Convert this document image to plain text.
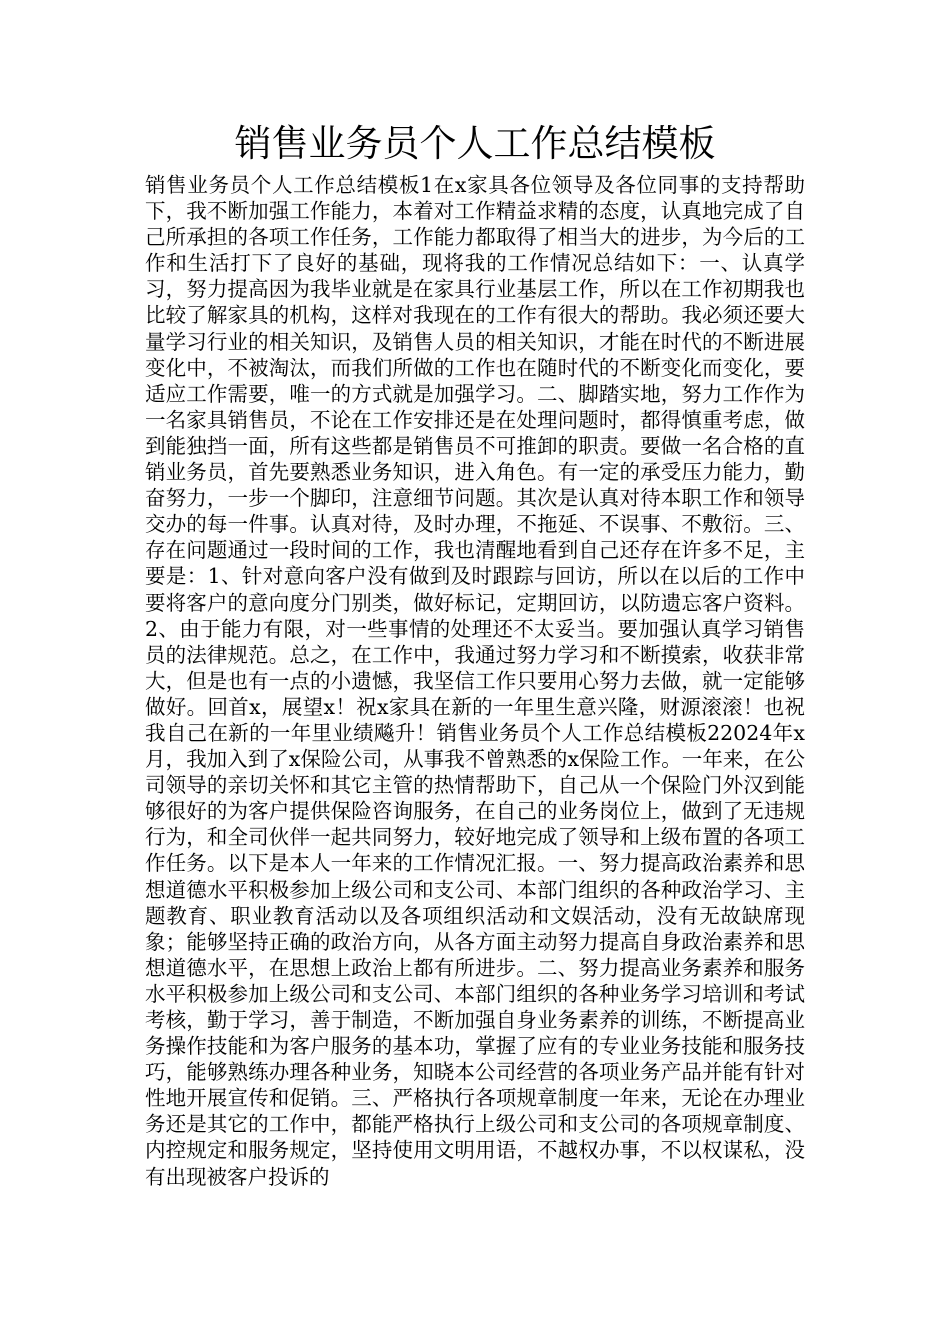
销售业务员个人工作总结模板

销售业务员个人工作总结模板1在x家具各位领导及各位同事的支持帮助下，我不断加强工作能力，本着对工作精益求精的态度，认真地完成了自己所承担的各项工作任务，工作能力都取得了相当大的进步，为今后的工作和生活打下了良好的基础，现将我的工作情况总结如下：一、认真学习，努力提高因为我毕业就是在家具行业基层工作，所以在工作初期我也比较了解家具的机构，这样对我现在的工作有很大的帮助。我必须还要大量学习行业的相关知识，及销售人员的相关知识，才能在时代的不断进展变化中，不被淘汰，而我们所做的工作也在随时代的不断变化而变化，要适应工作需要，唯一的方式就是加强学习。二、脚踏实地，努力工作作为一名家具销售员，不论在工作安排还是在处理问题时，都得慎重考虑，做到能独挡一面，所有这些都是销售员不可推卸的职责。要做一名合格的直销业务员，首先要熟悉业务知识，进入角色。有一定的承受压力能力，勤奋努力，一步一个脚印，注意细节问题。其次是认真对待本职工作和领导交办的每一件事。认真对待，及时办理，不拖延、不误事、不敷衍。三、存在问题通过一段时间的工作，我也清醒地看到自己还存在许多不足，主要是：1、针对意向客户没有做到及时跟踪与回访，所以在以后的工作中要将客户的意向度分门别类，做好标记，定期回访，以防遗忘客户资料。2、由于能力有限，对一些事情的处理还不太妥当。要加强认真学习销售员的法律规范。总之，在工作中，我通过努力学习和不断摸索，收获非常大，但是也有一点的小遗憾，我坚信工作只要用心努力去做，就一定能够做好。回首x，展望x！祝x家具在新的一年里生意兴隆，财源滚滚！也祝我自己在新的一年里业绩飚升！销售业务员个人工作总结模板22024年x月，我加入到了x保险公司，从事我不曾熟悉的x保险工作。一年来，在公司领导的亲切关怀和其它主管的热情帮助下，自己从一个保险门外汉到能够很好的为客户提供保险咨询服务，在自己的业务岗位上，做到了无违规行为，和全司伙伴一起共同努力，较好地完成了领导和上级布置的各项工作任务。以下是本人一年来的工作情况汇报。一、努力提高政治素养和思想道德水平积极参加上级公司和支公司、本部门组织的各种政治学习、主题教育、职业教育活动以及各项组织活动和文娱活动，没有无故缺席现象；能够坚持正确的政治方向，从各方面主动努力提高自身政治素养和思想道德水平，在思想上政治上都有所进步。二、努力提高业务素养和服务水平积极参加上级公司和支公司、本部门组织的各种业务学习培训和考试考核，勤于学习，善于制造，不断加强自身业务素养的训练，不断提高业务操作技能和为客户服务的基本功，掌握了应有的专业业务技能和服务技巧，能够熟练办理各种业务，知晓本公司经营的各项业务产品并能有针对性地开展宣传和促销。三、严格执行各项规章制度一年来，无论在办理业务还是其它的工作中，都能严格执行上级公司和支公司的各项规章制度、内控规定和服务规定，坚持使用文明用语，不越权办事，不以权谋私，没有出现被客户投诉的
